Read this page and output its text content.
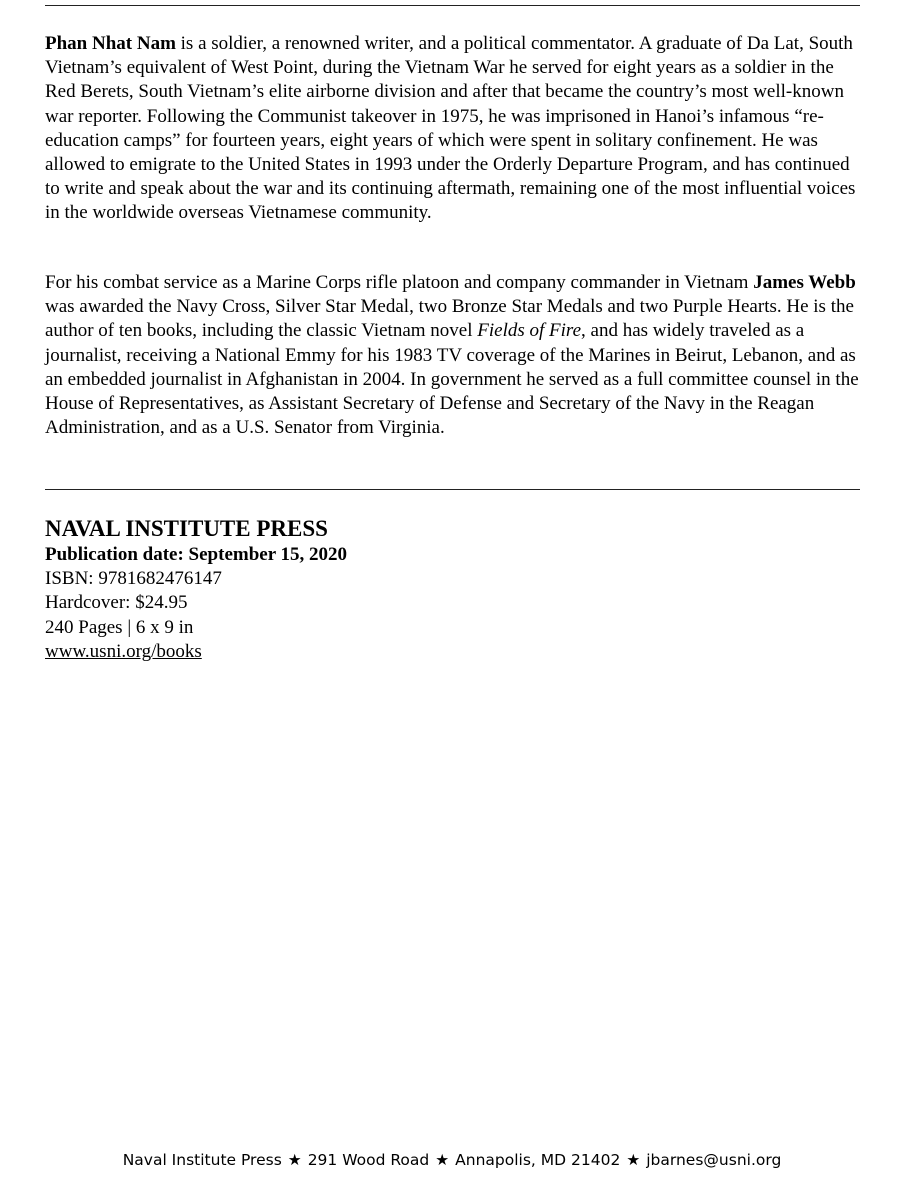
Phan Nhat Nam is a soldier, a renowned writer, and a political commentator. A graduate of Da Lat, South Vietnam’s equivalent of West Point, during the Vietnam War he served for eight years as a soldier in the Red Berets, South Vietnam’s elite airborne division and after that became the country’s most well-known war reporter. Following the Communist takeover in 1975, he was imprisoned in Hanoi’s infamous “re-education camps” for fourteen years, eight years of which were spent in solitary confinement. He was allowed to emigrate to the United States in 1993 under the Orderly Departure Program, and has continued to write and speak about the war and its continuing aftermath, remaining one of the most influential voices in the worldwide overseas Vietnamese community.

For his combat service as a Marine Corps rifle platoon and company commander in Vietnam James Webb was awarded the Navy Cross, Silver Star Medal, two Bronze Star Medals and two Purple Hearts. He is the author of ten books, including the classic Vietnam novel Fields of Fire, and has widely traveled as a journalist, receiving a National Emmy for his 1983 TV coverage of the Marines in Beirut, Lebanon, and as an embedded journalist in Afghanistan in 2004. In government he served as a full committee counsel in the House of Representatives, as Assistant Secretary of Defense and Secretary of the Navy in the Reagan Administration, and as a U.S. Senator from Virginia.

NAVAL INSTITUTE PRESS
Publication date: September 15, 2020
ISBN: 9781682476147
Hardcover: $24.95
240 Pages | 6 x 9 in
www.usni.org/books
Naval Institute Press ★ 291 Wood Road ★ Annapolis, MD 21402 ★ jbarnes@usni.org
